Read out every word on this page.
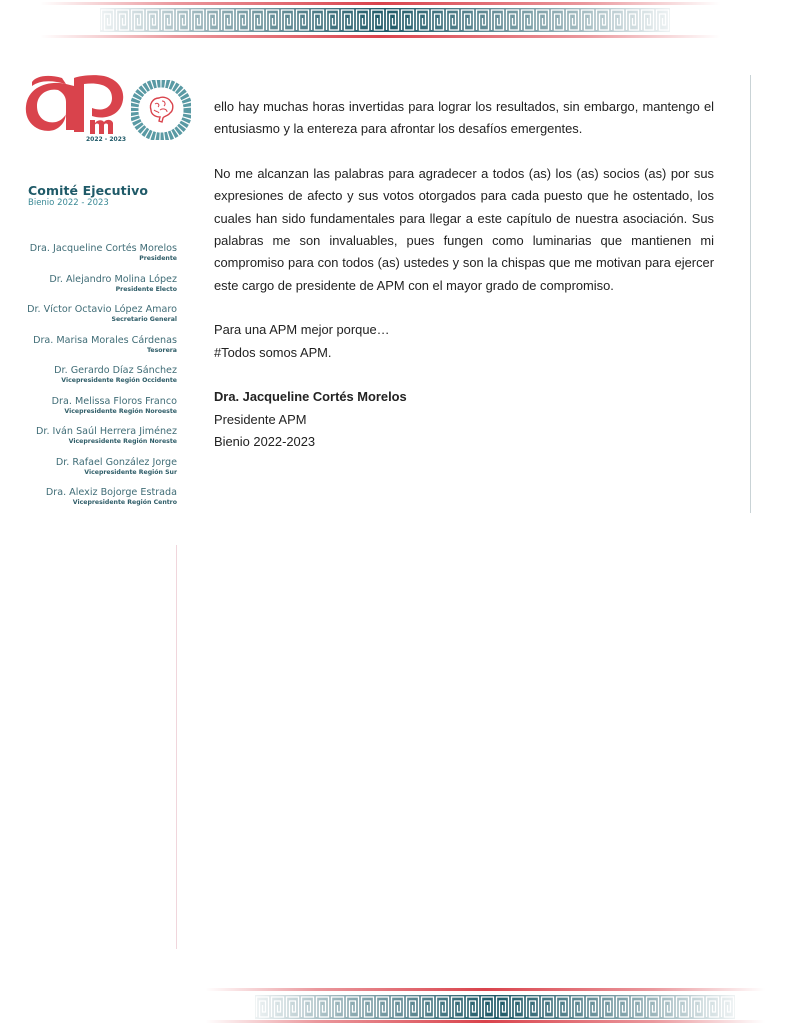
2022 - 2023
Comité Ejecutivo
Bienio 2022 - 2023
Dra. Jacqueline Cortés Morelos
Presidente
Dr. Alejandro Molina López
Presidente Electo
Dr. Víctor Octavio López Amaro
Secretario General
Dra. Marisa Morales Cárdenas
Tesorera
Dr. Gerardo Díaz Sánchez
Vicepresidente Región Occidente
Dra. Melissa Floros Franco
Vicepresidente Región Noroeste
Dr. Iván Saúl Herrera Jiménez
Vicepresidente Región Noreste
Dr. Rafael González Jorge
Vicepresidente Región Sur
Dra. Alexiz Bojorge Estrada
Vicepresidente Región Centro

ello hay muchas horas invertidas para lograr los resultados, sin embargo, mantengo el entusiasmo y la entereza para afrontar los desafíos emergentes.

No me alcanzan las palabras para agradecer a todos (as) los (as) socios (as) por sus expresiones de afecto y sus votos otorgados para cada puesto que he ostentado, los cuales han sido fundamentales para llegar a este capítulo de nuestra asociación. Sus palabras me son invaluables, pues fungen como luminarias que mantienen mi compromiso para con todos (as) ustedes y son la chispas que me motivan para ejercer este cargo de presidente de APM con el mayor grado de compromiso.

Para una APM mejor porque…
#Todos somos APM.

Dra. Jacqueline Cortés Morelos
Presidente APM
Bienio 2022-2023
